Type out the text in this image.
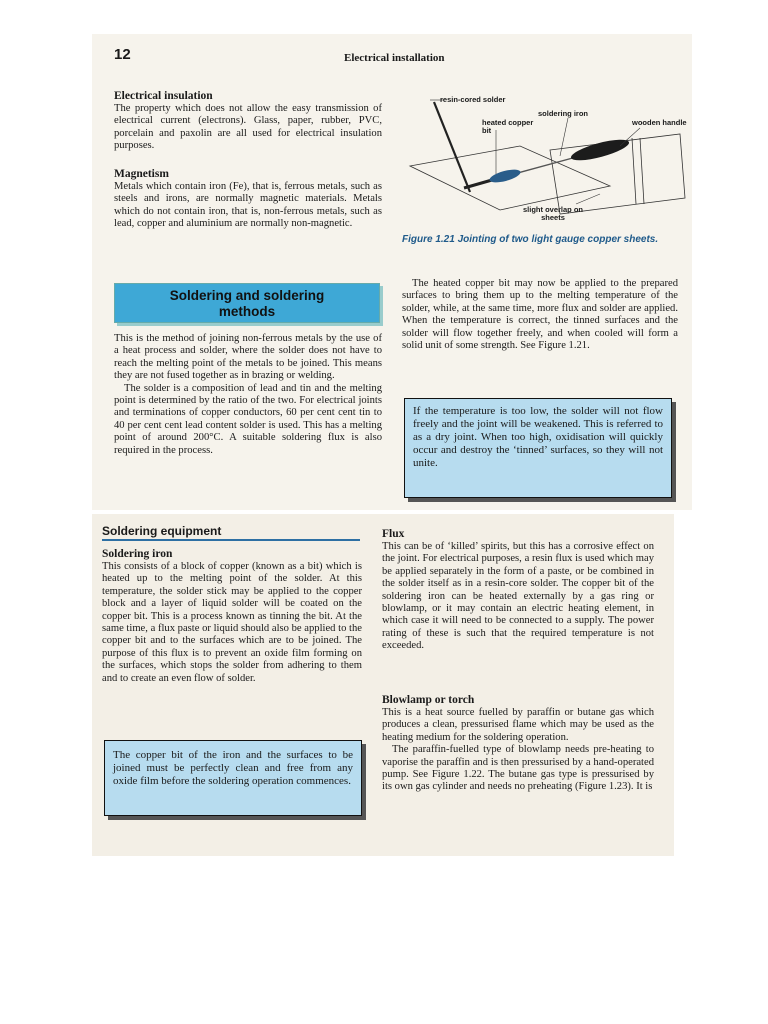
12	Electrical installation

Electrical insulation

The property which does not allow the easy transmission of electrical current (electrons). Glass, paper, rubber, PVC, porcelain and paxolin are all used for electrical insulation purposes.

Magnetism

Metals which contain iron (Fe), that is, ferrous metals, such as steels and irons, are normally magnetic materials. Metals which do not contain iron, that is, non-ferrous metals, such as lead, copper and aluminium are normally non-magnetic.

resin-cored solder
soldering iron
heated copper bit
wooden handle
slight overlap on sheets
Figure 1.21 Jointing of two light gauge copper sheets.
Soldering and soldering
methods

This is the method of joining non-ferrous metals by the use of a heat process and solder, where the solder does not have to reach the melting point of the metals to be joined. This means they are not fused together as in brazing or welding.

The solder is a composition of lead and tin and the melting point is determined by the ratio of the two. For electrical joints and terminations of copper conductors, 60 per cent cent tin to 40 per cent cent lead content solder is used. This has a melting point of around 200°C. A suitable soldering flux is also required in the process.

The heated copper bit may now be applied to the prepared surfaces to bring them up to the melting temperature of the solder, while, at the same time, more flux and solder are applied. When the temperature is correct, the tinned surfaces and the solder will flow together freely, and when cooled will form a solid unit of some strength. See Figure 1.21.

If the temperature is too low, the solder will not flow freely and the joint will be weakened. This is referred to as a dry joint. When too high, oxidisation will quickly occur and destroy the ‘tinned’ surfaces, so they will not unite.

Soldering equipment

Soldering iron

This consists of a block of copper (known as a bit) which is heated up to the melting point of the solder. At this temperature, the solder stick may be applied to the copper block and a layer of liquid solder will be coated on the copper bit. This is a process known as tinning the bit. At the same time, a flux paste or liquid should also be applied to the copper bit and to the surfaces which are to be joined. The purpose of this flux is to prevent an oxide film forming on the surfaces, which stops the solder from adhering to them and to create an even flow of solder.

The copper bit of the iron and the surfaces to be joined must be perfectly clean and free from any oxide film before the soldering operation commences.

Flux

This can be of ‘killed’ spirits, but this has a corrosive effect on the joint. For electrical purposes, a resin flux is used which may be applied separately in the form of a paste, or be combined in the solder itself as in a resin-core solder. The copper bit of the soldering iron can be heated externally by a gas ring or blowlamp, or it may contain an electric heating element, in which case it will need to be connected to a supply. The power rating of these is such that the required temperature is not exceeded.

Blowlamp or torch

This is a heat source fuelled by paraffin or butane gas which produces a clean, pressurised flame which may be used as the heating medium for the soldering operation.

The paraffin-fuelled type of blowlamp needs pre-heating to vaporise the paraffin and is then pressurised by a hand-operated pump. See Figure 1.22. The butane gas type is pressurised by its own gas cylinder and needs no preheating (Figure 1.23). It is
